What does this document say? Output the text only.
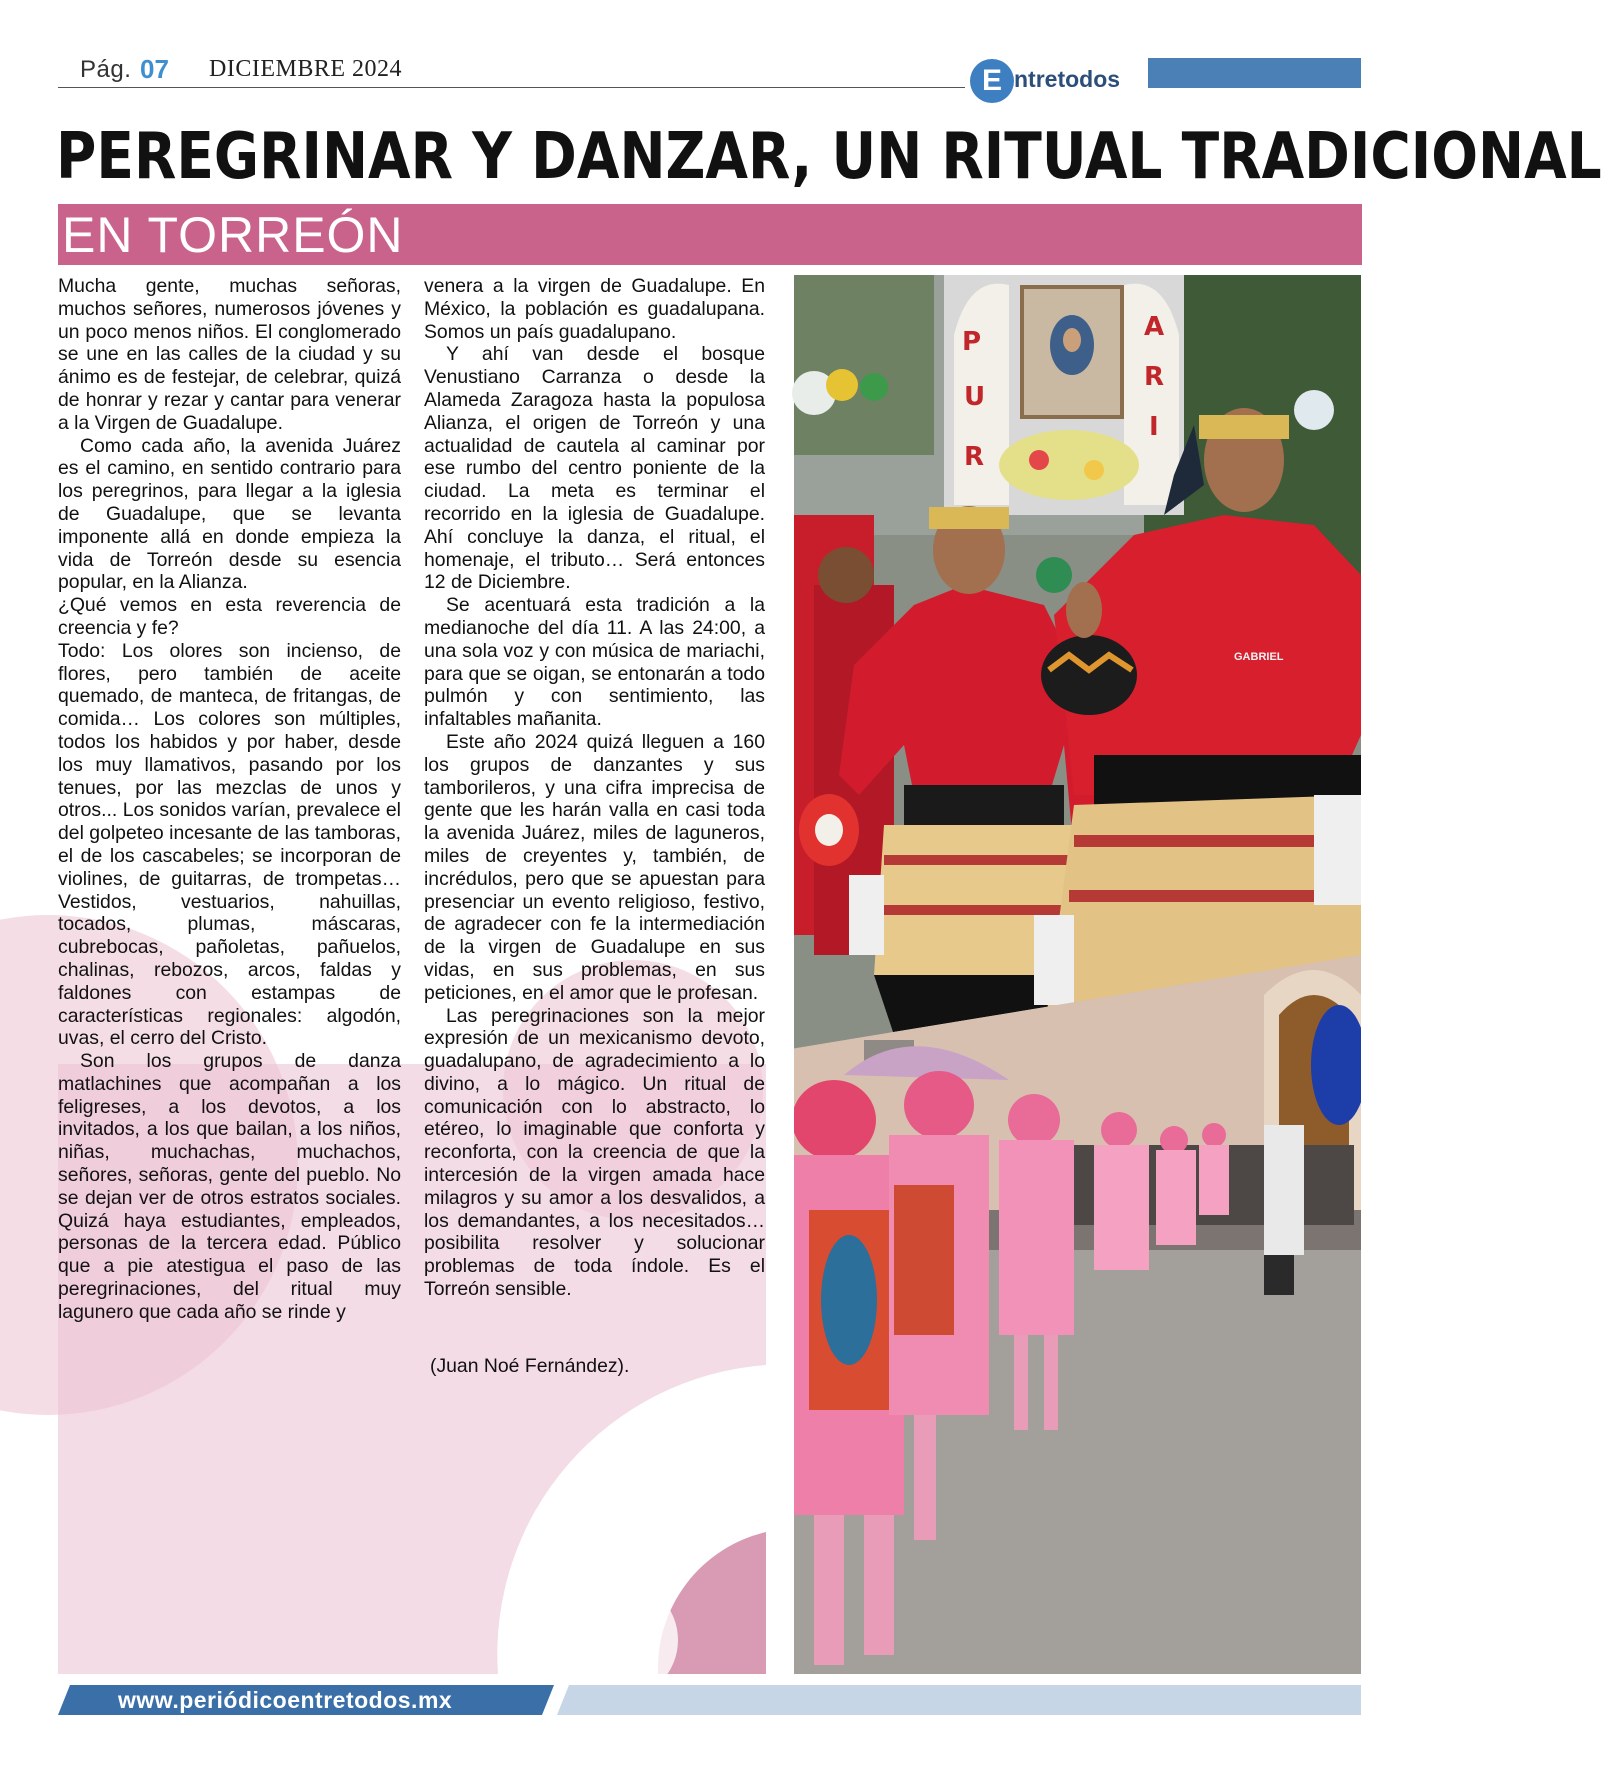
Pág. 07 DICIEMBRE 2024	E ntretodos
PEREGRINAR Y DANZAR, UN RITUAL TRADICIONAL
EN TORREÓN

Mucha gente, muchas señoras, muchos señores, numerosos jóvenes y un poco menos niños. El conglomerado se une en las calles de la ciudad y su ánimo es de festejar, de celebrar, quizá de honrar y rezar y cantar para venerar a la Virgen de Guadalupe.

Como cada año, la avenida Juárez es el camino, en sentido contrario para los peregrinos, para llegar a la iglesia de Guadalupe, que se levanta imponente allá en donde empieza la vida de Torreón desde su esencia popular, en la Alianza.

¿Qué vemos en esta reverencia de creencia y fe?

Todo: Los olores son incienso, de flores, pero también de aceite quemado, de manteca, de fritangas, de comida… Los colores son múltiples, todos los habidos y por haber, desde los muy llamativos, pasando por los tenues, por las mezclas de unos y otros... Los sonidos varían, prevalece el del golpeteo incesante de las tamboras, el de los cascabeles; se incorporan de violines, de guitarras, de trompetas… Vestidos, vestuarios, nahuillas, tocados, plumas, máscaras, cubrebocas, pañoletas, pañuelos, chalinas, rebozos, arcos, faldas y faldones con estampas de características regionales: algodón, uvas, el cerro del Cristo.

Son los grupos de danza matlachines que acompañan a los feligreses, a los devotos, a los invitados, a los que bailan, a los niños, niñas, muchachas, muchachos, señores, señoras, gente del pueblo. No se dejan ver de otros estratos sociales. Quizá haya estudiantes, empleados, personas de la tercera edad. Público que a pie atestigua el paso de las peregrinaciones, del ritual muy lagunero que cada año se rinde y

venera a la virgen de Guadalupe. En México, la población es guadalupana. Somos un país guadalupano.

Y ahí van desde el bosque Venustiano Carranza o desde la Alameda Zaragoza hasta la populosa Alianza, el origen de Torreón y una actualidad de cautela al caminar por ese rumbo del centro poniente de la ciudad. La meta es terminar el recorrido en la iglesia de Guadalupe. Ahí concluye la danza, el ritual, el homenaje, el tributo… Será entonces 12 de Diciembre.

Se acentuará esta tradición a la medianoche del día 11. A las 24:00, a una sola voz y con música de mariachi, para que se oigan, se entonarán a todo pulmón y con sentimiento, las infaltables mañanita.

Este año 2024 quizá lleguen a 160 los grupos de danzantes y sus tamborileros, y una cifra imprecisa de gente que les harán valla en casi toda la avenida Juárez, miles de laguneros, miles de creyentes y, también, de incrédulos, pero que se apuestan para presenciar un evento religioso, festivo, de agradecer con fe la intermediación de la virgen de Guadalupe en sus vidas, en sus problemas, en sus peticiones, en el amor que le profesan.

Las peregrinaciones son la mejor expresión de un mexicanismo devoto, guadalupano, de agradecimiento a lo divino, a lo mágico. Un ritual de comunicación con lo abstracto, lo etéreo, lo imaginable que conforta y reconforta, con la creencia de que la intercesión de la virgen amada hace milagros y su amor a los desvalidos, a los demandantes, a los necesitados… posibilita resolver y solucionar problemas de toda índole. Es el Torreón sensible.

(Juan Noé Fernández).
P
U
R
A
R
I
GABRIEL
www.periódicoentretodos.mx
